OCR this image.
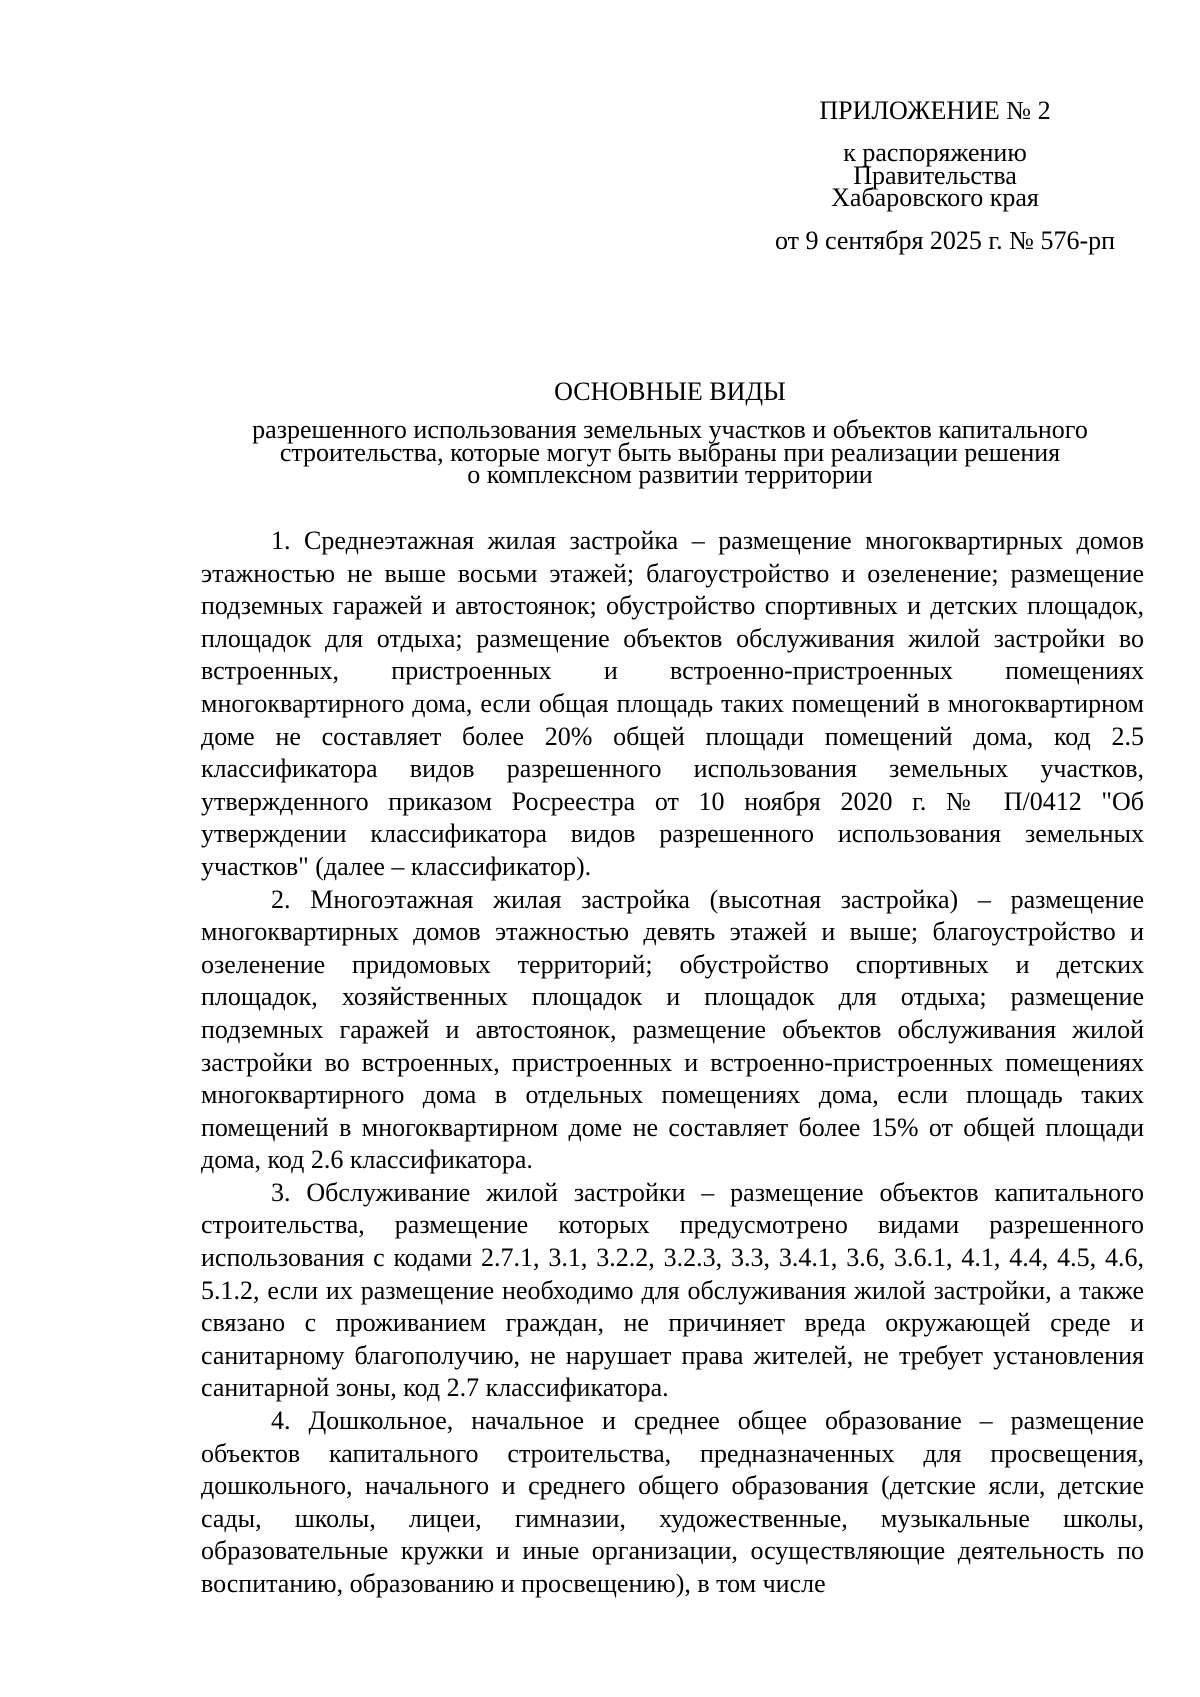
ПРИЛОЖЕНИЕ № 2
к распоряжению
Правительства
Хабаровского края
от 9 сентября 2025 г. № 576-рп
ОСНОВНЫЕ ВИДЫ
разрешенного использования земельных участков и объектов капитального
строительства, которые могут быть выбраны при реализации решения
о комплексном развитии территории

1. Среднеэтажная жилая застройка – размещение многоквартирных домов этажностью не выше восьми этажей; благоустройство и озеленение; размещение подземных гаражей и автостоянок; обустройство спортивных и детских площадок, площадок для отдыха; размещение объектов обслуживания жилой застройки во встроенных, пристроенных и встроенно-пристроенных помещениях многоквартирного дома, если общая площадь таких помещений в многоквартирном доме не составляет более 20% общей площади помещений дома, код 2.5 классификатора видов разрешенного использования земельных участков, утвержденного приказом Росреестра от 10 ноября 2020 г. № П/0412 "Об утверждении классификатора видов разрешенного использования земельных участков" (далее – классификатор).

2. Многоэтажная жилая застройка (высотная застройка) – размещение многоквартирных домов этажностью девять этажей и выше; благоустройство и озеленение придомовых территорий; обустройство спортивных и детских площадок, хозяйственных площадок и площадок для отдыха; размещение подземных гаражей и автостоянок, размещение объектов обслуживания жилой застройки во встроенных, пристроенных и встроенно-пристроенных помещениях многоквартирного дома в отдельных помещениях дома, если площадь таких помещений в многоквартирном доме не составляет более 15% от общей площади дома, код 2.6 классификатора.

3. Обслуживание жилой застройки – размещение объектов капитального строительства, размещение которых предусмотрено видами разрешенного использования с кодами 2.7.1, 3.1, 3.2.2, 3.2.3, 3.3, 3.4.1, 3.6, 3.6.1, 4.1, 4.4, 4.5, 4.6, 5.1.2, если их размещение необходимо для обслуживания жилой застройки, а также связано с проживанием граждан, не причиняет вреда окружающей среде и санитарному благополучию, не нарушает права жителей, не требует установления санитарной зоны, код 2.7 классификатора.

4. Дошкольное, начальное и среднее общее образование – размещение объектов капитального строительства, предназначенных для просвещения, дошкольного, начального и среднего общего образования (детские ясли, детские сады, школы, лицеи, гимназии, художественные, музыкальные школы, образовательные кружки и иные организации, осуществляющие деятельность по воспитанию, образованию и просвещению), в том числе
